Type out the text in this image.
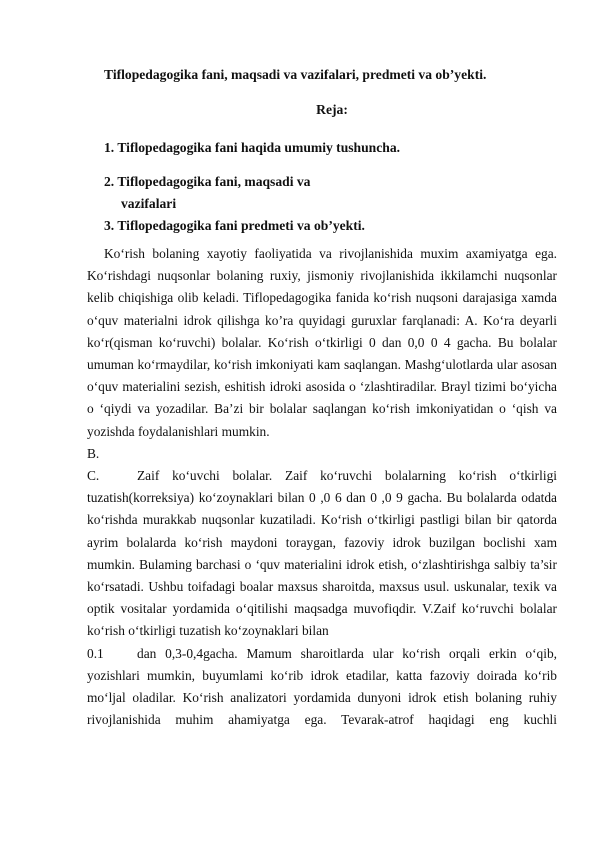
Tiflopedagogika fani, maqsadi va vazifalari, predmeti va ob’yekti.
Reja:
1. Tiflopedagogika fani haqida umumiy tushuncha.
2. Tiflopedagogika fani, maqsadi va
vazifalari
3. Tiflopedagogika fani predmeti va ob’yekti.

Ko‘rish bolaning xayotiy faoliyatida va rivojlanishida muxim axamiyatga ega. Ko‘rishdagi nuqsonlar bolaning ruxiy, jismoniy rivojlanishida ikkilamchi nuqsonlar kelib chiqishiga olib keladi. Tiflopedagogika fanida ko‘rish nuqsoni darajasiga xamda o‘quv materialni idrok qilishga ko’ra quyidagi guruxlar farqlanadi: A. Ko‘ra deyarli ko‘r(qisman ko‘ruvchi) bolalar. Ko‘rish o‘tkirligi 0 dan 0,0 0 4 gacha. Bu bolalar umuman ko‘rmaydilar, ko‘rish imkoniyati kam saqlangan. Mashg‘ulotlarda ular asosan o‘quv materialini sezish, eshitish idroki asosida o ‘zlashtiradilar. Brayl tizimi bo‘yicha o ‘qiydi va yozadilar. Ba’zi bir bolalar saqlangan ko‘rish imkoniyatidan o ‘qish va yozishda foydalanishlari mumkin.

B.
C.	Zaif ko‘uvchi bolalar. Zaif ko‘ruvchi bolalarning ko‘rish o‘tkirligi

tuzatish(korreksiya) ko‘zoynaklari bilan 0 ,0 6 dan 0 ,0 9 gacha. Bu bolalarda odatda ko‘rishda murakkab nuqsonlar kuzatiladi. Ko‘rish o‘tkirligi pastligi bilan bir qatorda ayrim bolalarda ko‘rish maydoni toraygan, fazoviy idrok buzilgan boclishi xam mumkin. Bulaming barchasi o ‘quv materialini idrok etish, o‘zlashtirishga salbiy ta’sir ko‘rsatadi. Ushbu toifadagi boalar maxsus sharoitda, maxsus usul. uskunalar, texik va optik vositalar yordamida o‘qitilishi maqsadga muvofiqdir. V.Zaif ko‘ruvchi bolalar ko‘rish o‘tkirligi tuzatish ko‘zoynaklari bilan

0.1	dan 0,3-0,4gacha. Mamum sharoitlarda ular ko‘rish orqali erkin o‘qib,

yozishlari mumkin, buyumlami ko‘rib idrok etadilar, katta fazoviy doirada ko‘rib mo‘ljal oladilar. Ko‘rish analizatori yordamida dunyoni idrok etish bolaning ruhiy rivojlanishida muhim ahamiyatga ega. Tevarak-atrof haqidagi eng kuchli
